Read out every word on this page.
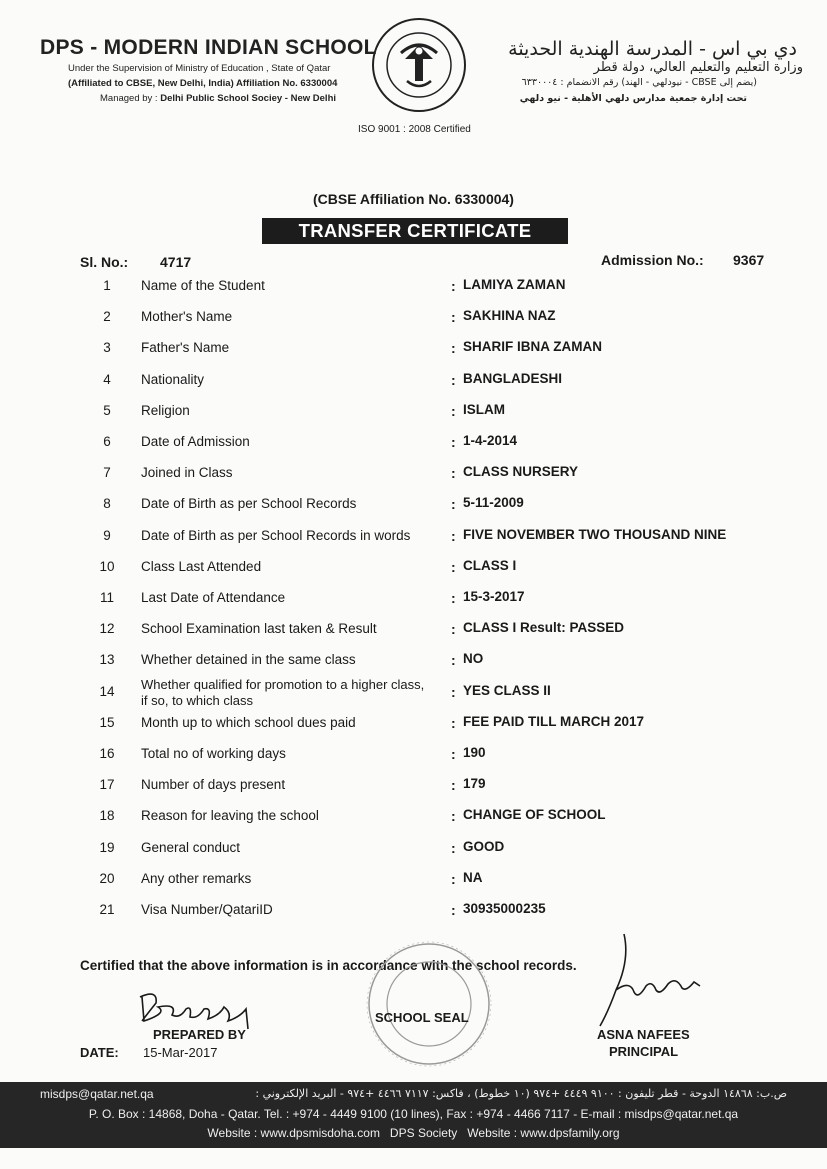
DPS - MODERN INDIAN SCHOOL
Under the Supervision of Ministry of Education , State of Qatar
(Affiliated to CBSE, New Delhi, India) Affiliation No. 6330004
Managed by : Delhi Public School Sociey - New Delhi
دي بي اس - المدرسة الهندية الحديثة
وزارة التعليم والتعليم العالي، دولة قطر
(يضم إلى CBSE - نيودلهي - الهند) رقم الانضمام : ٦٣٣٠٠٠٤
تحت إدارة جمعية مدارس دلهي الأهلية - نيو دلهي
ISO 9001 : 2008 Certified
(CBSE Affiliation No. 6330004)
TRANSFER CERTIFICATE
Sl. No.: 4717	Admission No.: 9367
1	Name of the Student	: LAMIYA ZAMAN
2	Mother's Name	: SAKHINA NAZ
3	Father's Name	: SHARIF IBNA ZAMAN
4	Nationality	: BANGLADESHI
5	Religion	: ISLAM
6	Date of Admission	: 1-4-2014
7	Joined in Class	: CLASS NURSERY
8	Date of Birth as per School Records	: 5-11-2009
9	Date of Birth as per School Records in words	: FIVE NOVEMBER TWO THOUSAND NINE
10	Class Last Attended	: CLASS I
11	Last Date of Attendance	: 15-3-2017
12	School Examination last taken & Result	: CLASS I Result: PASSED
13	Whether detained in the same class	: NO
14	Whether qualified for promotion to a higher class,
if so, to which class
: YES CLASS II
15	Month up to which school dues paid	: FEE PAID TILL MARCH 2017
16	Total no of working days	: 190
17	Number of days present	: 179
18	Reason for leaving the school	: CHANGE OF SCHOOL
19	General conduct	: GOOD
20	Any other remarks	: NA
21	Visa Number/QatariID	: 30935000235
Certified that the above information is in accordance with the school records.
PREPARED BY
DATE: 15-Mar-2017
SCHOOL SEAL
ASNA NAFEES
PRINCIPAL
misdps@qatar.net.qa	ص.ب: ١٤٨٦٨ الدوحة - قطر تليفون : ٩١٠٠ ٤٤٤٩ +٩٧٤ (١٠ خطوط) ، فاكس: ٧١١٧ ٤٤٦٦ +٩٧٤ - البريد الإلكتروني :
P. O. Box : 14868, Doha - Qatar. Tel. : +974 - 4449 9100 (10 lines), Fax : +974 - 4466 7117 - E-mail : misdps@qatar.net.qa
Website : www.dpsmisdoha.com   DPS Society   Website : www.dpsfamily.org
